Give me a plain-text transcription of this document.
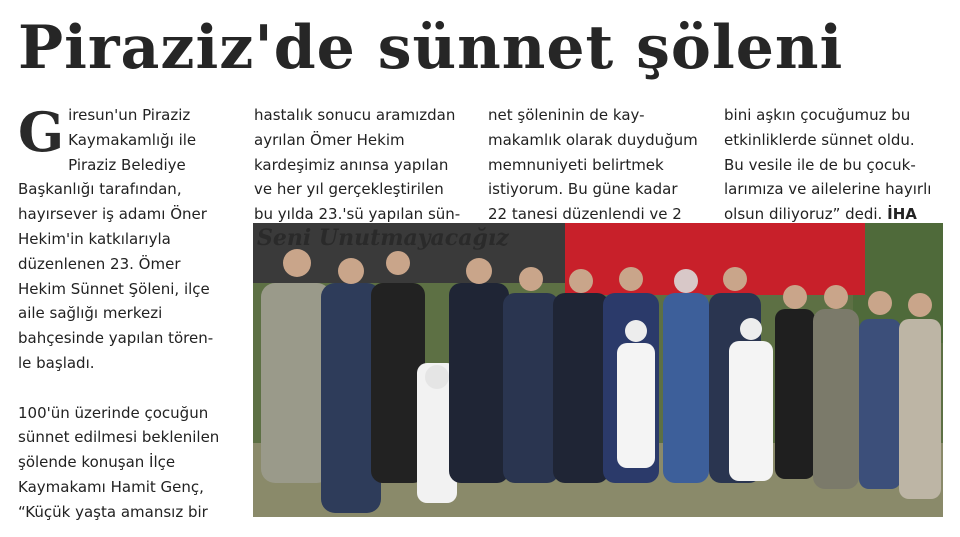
Piraziz'de sünnet şöleni
G iresun'un Piraziz
Kaymakamlığı ile
Piraziz Belediye
Başkanlığı tarafından,
hayırsever iş adamı Öner
Hekim'in katkılarıyla
düzenlenen 23. Ömer
Hekim Sünnet Şöleni, ilçe
aile sağlığı merkezi
bahçesinde yapılan tören-
le başladı.
100'ün üzerinde çocuğun
sünnet edilmesi beklenilen
şölende konuşan İlçe
Kaymakamı Hamit Genç,
“Küçük yaşta amansız bir
hastalık sonucu aramızdan
ayrılan Ömer Hekim
kardeşimiz anınsa yapılan
ve her yıl gerçekleştirilen
bu yılda 23.'sü yapılan sün-
net şöleninin de kay-
makamlık olarak duyduğum
memnuniyeti belirtmek
istiyorum. Bu güne kadar
22 tanesi düzenlendi ve 2
bini aşkın çocuğumuz bu
etkinliklerde sünnet oldu.
Bu vesile ile de bu çocuk-
larımıza ve ailelerine hayırlı
olsun diliyoruz” dedi. İHA
Seni Unutmayacağız
